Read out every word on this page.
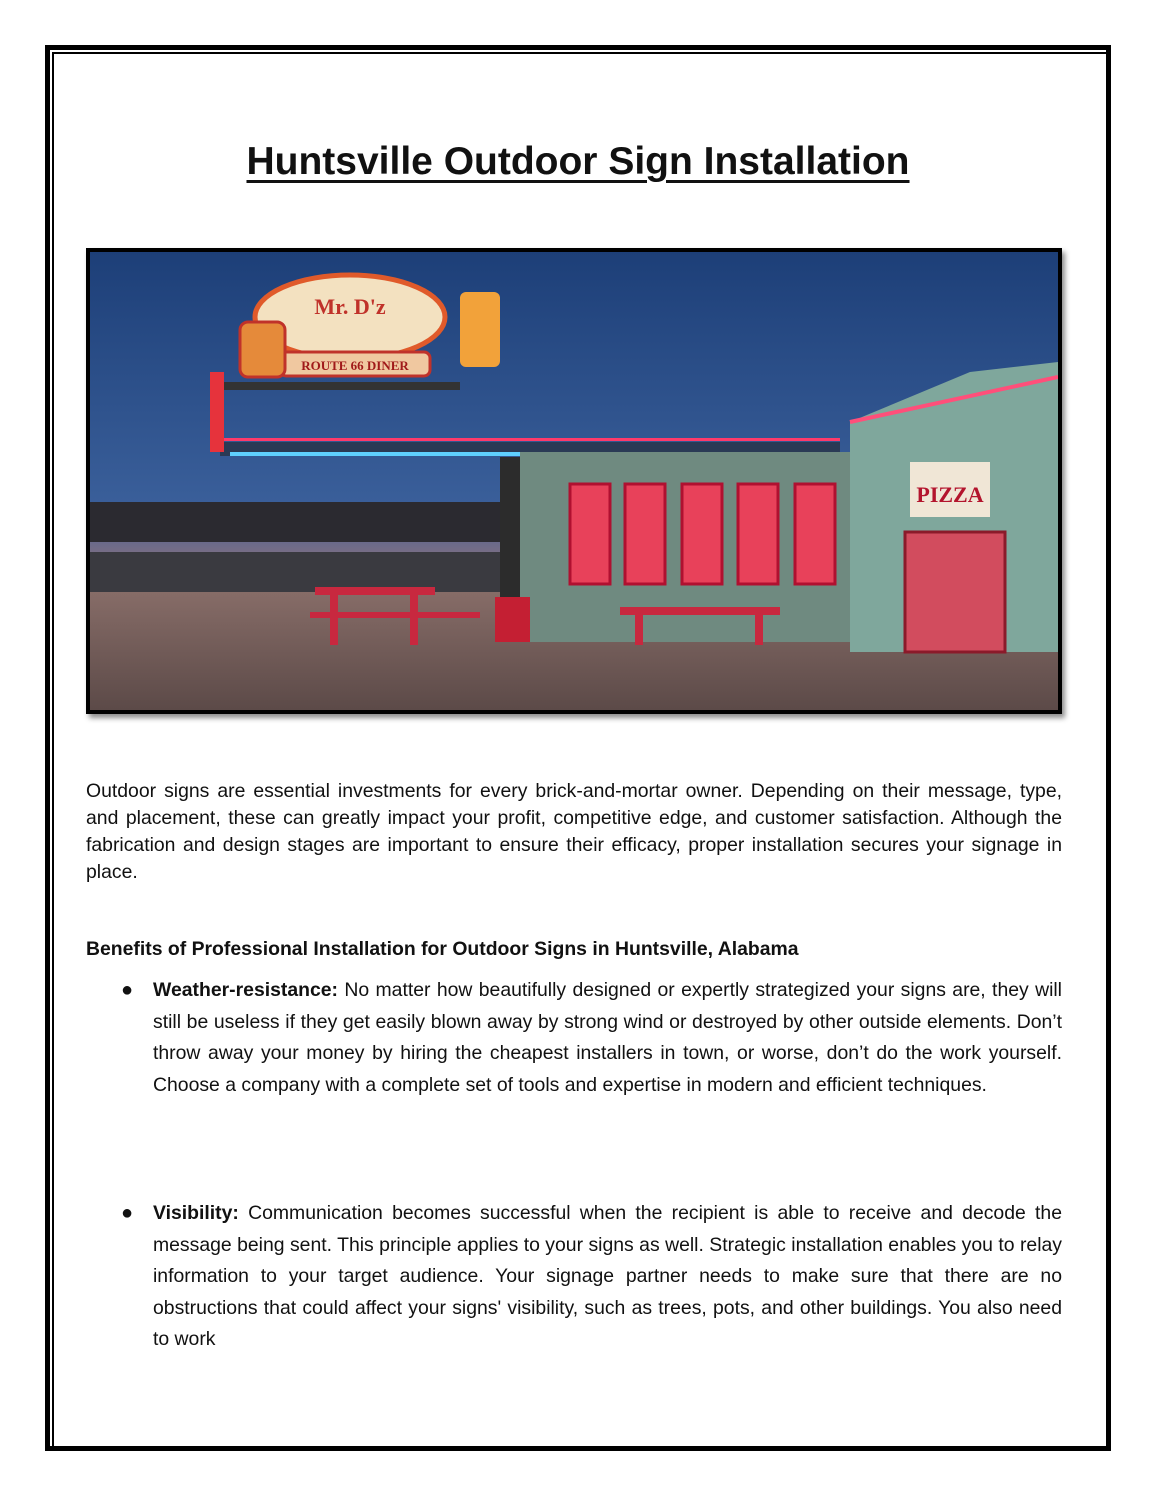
Huntsville Outdoor Sign Installation
PIZZA
Mr. D'z
ROUTE 66 DINER
Outdoor signs are essential investments for every brick-and-mortar owner. Depending on their message, type, and placement, these can greatly impact your profit, competitive edge, and customer satisfaction. Although the fabrication and design stages are important to ensure their efficacy, proper installation secures your signage in place.
Benefits of Professional Installation for Outdoor Signs in Huntsville, Alabama
● Weather-resistance: No matter how beautifully designed or expertly strategized your signs are, they will still be useless if they get easily blown away by strong wind or destroyed by other outside elements. Don’t throw away your money by hiring the cheapest installers in town, or worse, don’t do the work yourself. Choose a company with a complete set of tools and expertise in modern and efficient techniques.
● Visibility: Communication becomes successful when the recipient is able to receive and decode the message being sent. This principle applies to your signs as well. Strategic installation enables you to relay information to your target audience. Your signage partner needs to make sure that there are no obstructions that could affect your signs' visibility, such as trees, pots, and other buildings. You also need to work
